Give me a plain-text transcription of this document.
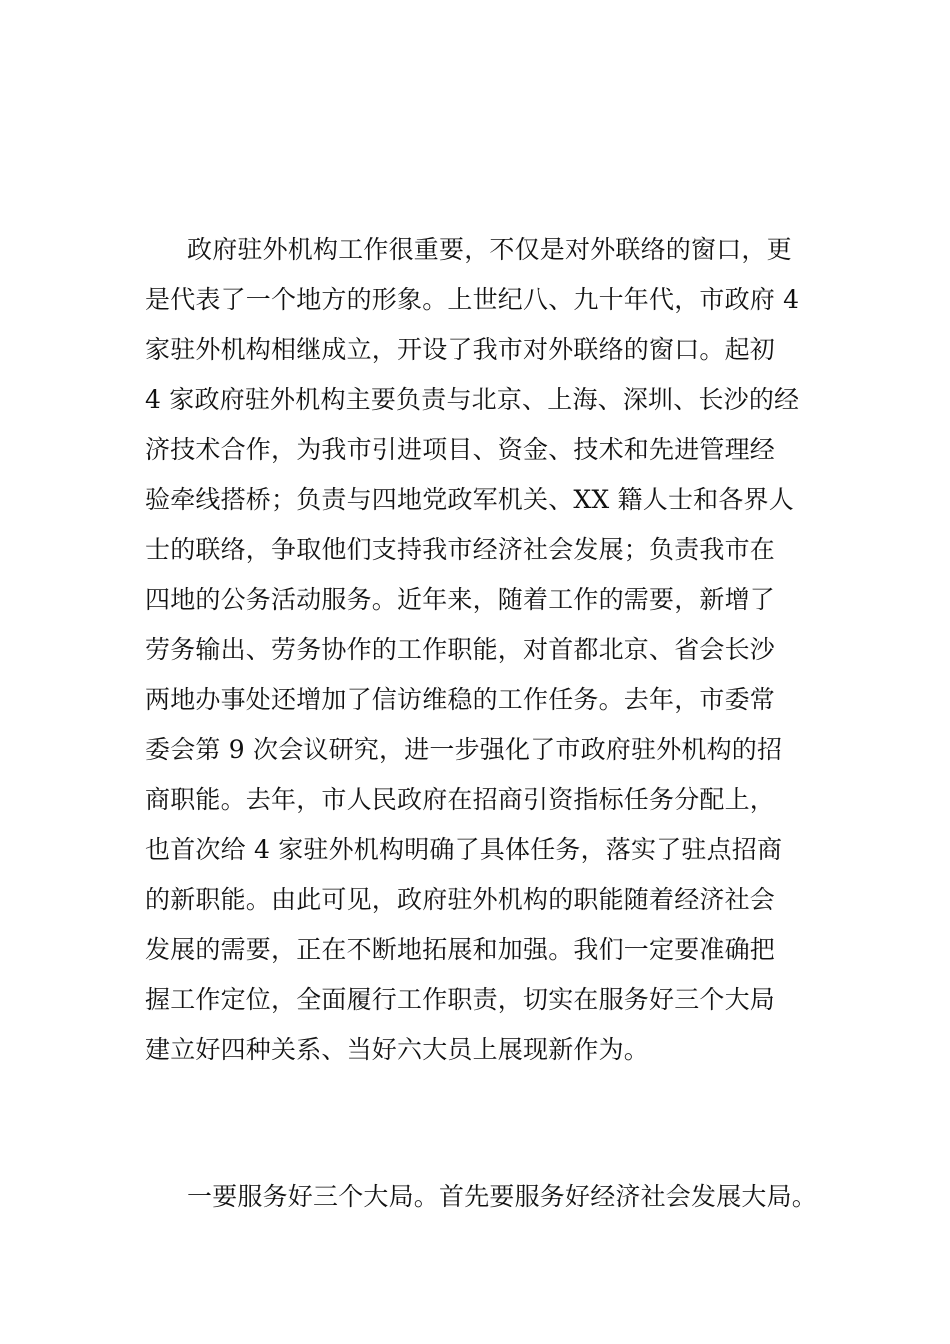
政府驻外机构工作很重要，不仅是对外联络的窗口，更
是代表了一个地方的形象。上世纪八、九十年代，市政府 4
家驻外机构相继成立，开设了我市对外联络的窗口。起初
4 家政府驻外机构主要负责与北京、上海、深圳、长沙的经
济技术合作，为我市引进项目、资金、技术和先进管理经
验牵线搭桥；负责与四地党政军机关、XX 籍人士和各界人
士的联络，争取他们支持我市经济社会发展；负责我市在
四地的公务活动服务。近年来，随着工作的需要，新增了
劳务输出、劳务协作的工作职能，对首都北京、省会长沙
两地办事处还增加了信访维稳的工作任务。去年，市委常
委会第 9 次会议研究，进一步强化了市政府驻外机构的招
商职能。去年，市人民政府在招商引资指标任务分配上，
也首次给 4 家驻外机构明确了具体任务，落实了驻点招商
的新职能。由此可见，政府驻外机构的职能随着经济社会
发展的需要，正在不断地拓展和加强。我们一定要准确把
握工作定位，全面履行工作职责，切实在服务好三个大局
建立好四种关系、当好六大员上展现新作为。
一要服务好三个大局。首先要服务好经济社会发展大局。
